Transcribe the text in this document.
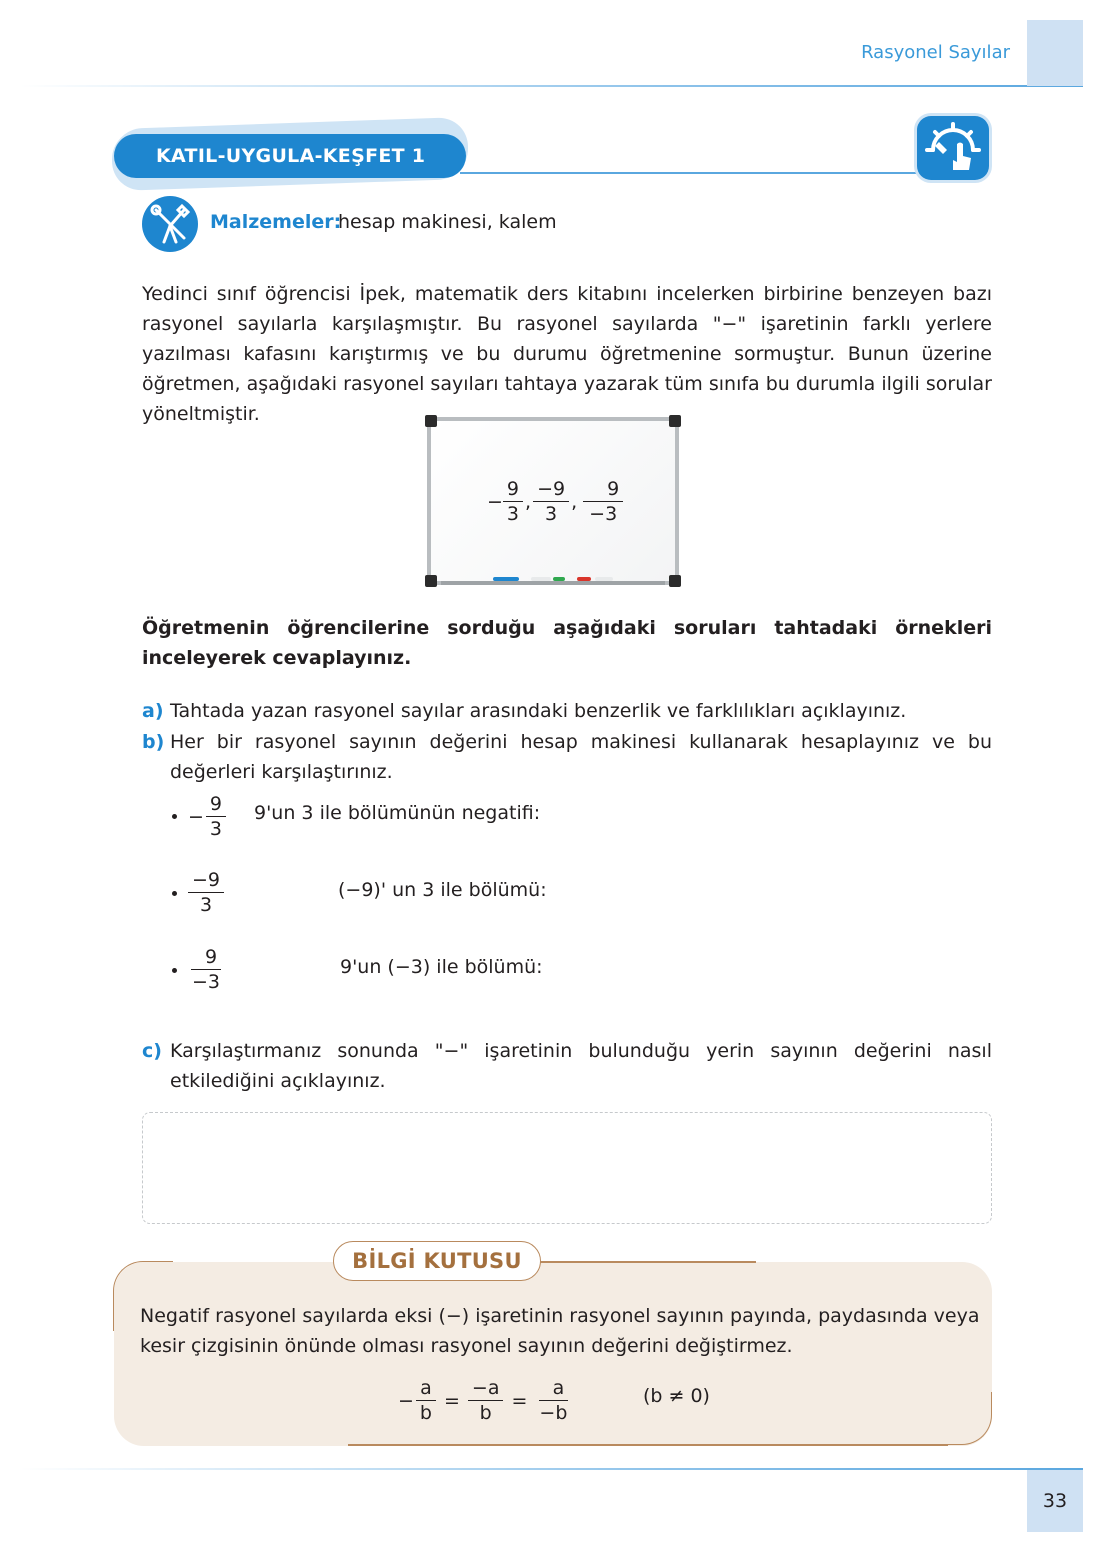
Rasyonel Sayılar
KATIL-UYGULA-KEŞFET 1
Malzemeler:
hesap makinesi, kalem

Yedinci sınıf öğrencisi İpek, matematik ders kitabını incelerken birbirine benzeyen bazı rasyonel sayılarla karşılaşmıştır. Bu rasyonel sayılarda "−" işaretinin farklı yerlere yazılması kafasını karıştırmış ve bu durumu öğretmenine sormuştur. Bunun üzerine öğretmen, aşağıdaki rasyonel sayıları tahtaya yazarak tüm sınıfa bu durumla ilgili sorular yöneltmiştir.

− $\frac{9}{3}$ , $\frac{-9}{3}$ , $\frac{9}{-3}$

Öğretmenin öğrencilerine sorduğu aşağıdaki soruları tahtadaki örnekleri inceleyerek cevaplayınız.

a) Tahtada yazan rasyonel sayılar arasındaki benzerlik ve farklılıkları açıklayınız.
b) Her bir rasyonel sayının değerini hesap makinesi kullanarak hesaplayınız ve bu değerleri karşılaştırınız.
− $\frac{9}{3} 9'un$ 3 ile bölümünün negatifi:
$\frac{-9}{3}$	(−9)' un 3 ile bölümü:
$\frac{9}{-3}$	9'un (−3) ile bölümü:
c) Karşılaştırmanız sonunda "−" işaretinin bulunduğu yerin sayının değerini nasıl etkilediğini açıklayınız.
BİLGİ KUTUSU

Negatif rasyonel sayılarda eksi (−) işaretinin rasyonel sayının payında, paydasında veya kesir çizgisinin önünde olması rasyonel sayının değerini değiştirmez.

− $\frac{a}{b} = \frac{-a}{b} = \frac{a}{-b}$	(b ≠ 0)
33
